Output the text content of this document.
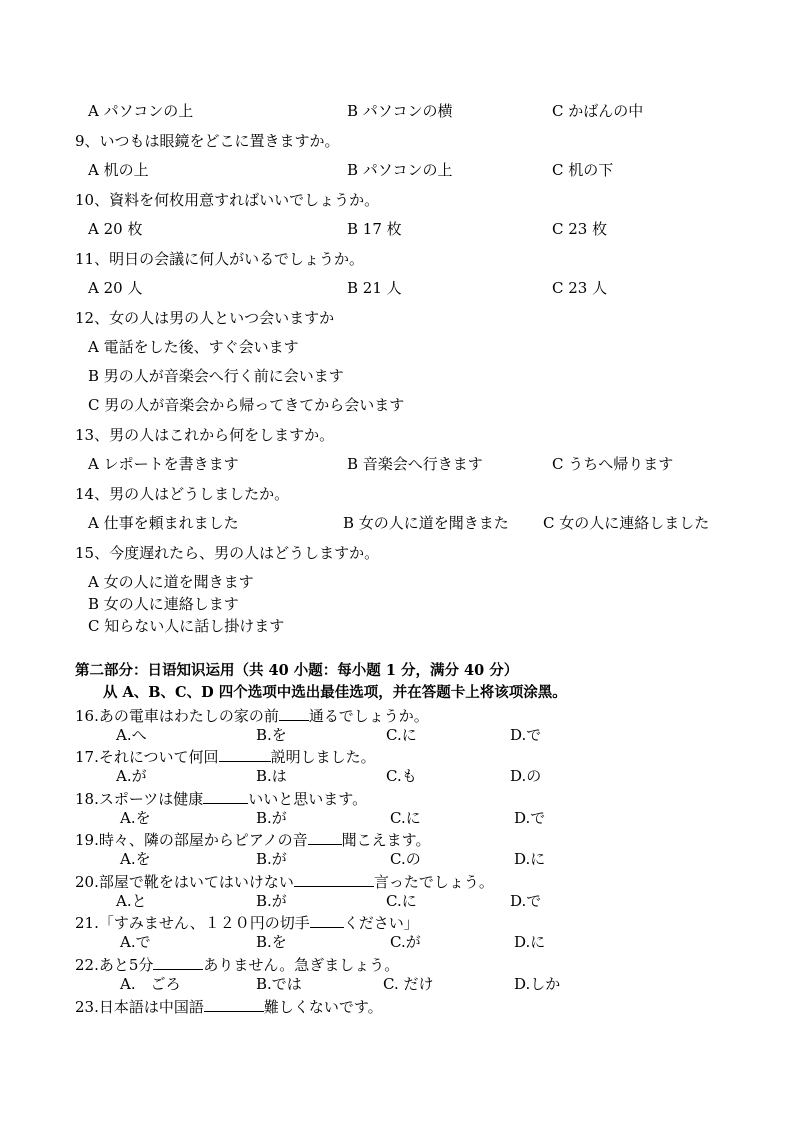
A パソコンの上	B パソコンの横	C かばんの中
9、いつもは眼鏡をどこに置きますか。
A 机の上	B パソコンの上	C 机の下
10、資料を何枚用意すればいいでしょうか。
A 20 枚	B 17 枚	C 23 枚
11、明日の会議に何人がいるでしょうか。
A 20 人	B 21 人	C 23 人
12、女の人は男の人といつ会いますか
A 電話をした後、すぐ会います
B 男の人が音楽会へ行く前に会います
C 男の人が音楽会から帰ってきてから会います
13、男の人はこれから何をしますか。
A レポートを書きます	B 音楽会へ行きます	C うちへ帰ります
14、男の人はどうしましたか。
A 仕事を頼まれました	B 女の人に道を聞きまた C 女の人に連絡しました
15、今度遅れたら、男の人はどうしますか。
A 女の人に道を聞きます
B 女の人に連絡します
C 知らない人に話し掛けます
第二部分：日语知识运用（共 40 小题：每小题 1 分，满分 40 分）
从 A、B、C、D 四个选项中选出最佳选项，并在答题卡上将该项涂黑。
16.あの電車はわたしの家の前 通るでしょうか。
A.へ	B.を	C.に	D.で
17.それについて何回	説明しました。
A.が	B.は	C.も	D.の
18.スポーツは健康	いいと思います。
A.を	B.が	C.に	D.で
19.時々、隣の部屋からピアノの音 聞こえます。
A.を	B.が	C.の	D.に
20.部屋で靴をはいてはいけない	言ったでしょう。
A.と	B.が	C.に	D.で
21.「すみません、１２０円の切手 ください」
A.で	B.を	C.が	D.に
22.あと5分	ありません。急ぎましょう。
A.　ごろ	B.では	C. だけ	D.しか
23.日本語は中国語	難しくないです。
